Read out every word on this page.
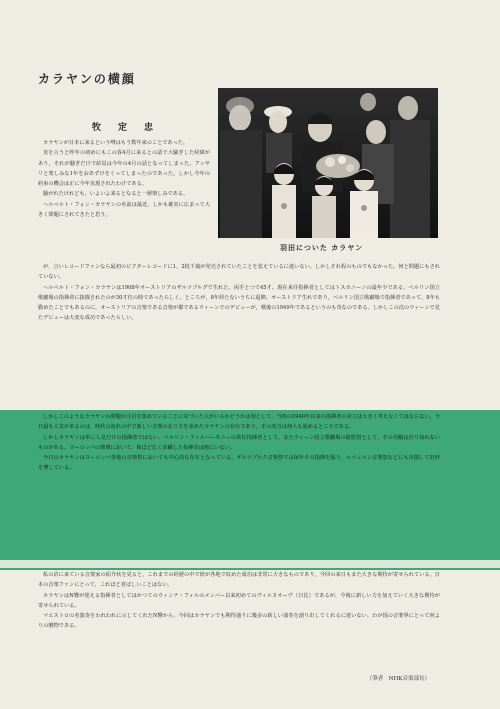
カラヤンの横顔
牧　定　忠
羽田についた カラヤン

カラヤンが日本に来るという噂はもう数年来のことであった。

実を言うと昨年の初めにもこの春4月に来るとの話で大騒ぎした経緯があり，それが騒ぎだけで結局は今年の4月の話となってしまった。アッサリと楽しみな1年をおあずけをくってしまったのであった。しかし今年の約束の機会は正に今年実現されたわけである。

騒がれたけれども，いよいよ来るとなると一層楽しみである。

ヘルベルト・フォン・カラヤンの名前は最近，しかも確実に広まって大きく問題にされてきたと思う。

が，言いレコードファンなら最初のビクターレコードに1，2枚千歳が発売されていたことを覚えているに違いない。しかしそれ程のものでもなかった。何と問題にもされていない。

ヘルベルト・フォン・カラヤンは1908年オーストリアのザルツブルグで生れた。両手とつで45才。現在来任指揮者としてはトスカニーニの最年少である。ベルリン国立歌劇場の指揮者に抜擢されたのが30才位の時であったらしく，ところが，8年経たないうちに退陣。オーストリア生れであり，ベルリン国立歌劇場で指揮者であって，8年も勤めたことでもあるのに，オーストリアの音楽である音楽が都であるウィーンでのデビューが，戦後の1949年であるというのも奇なのである。しかしこの次のウィーンで見たデビューは大変な成功であったらしい。

しかしこのようなカラヤンの問題が注目を集めていることに気づいた人がいるかどうかは別として，当時の1940年以来の指揮者の対立は大きく考えなくてはならない。今日最も人気があるのは，時代の流れの中で新しい音楽の在り方を求めたカラヤンの存在であり，その実力は何人も認めるところである。

しかしカラヤンは単に人気だけの指揮者ではない。ベルリン・フィルハーモニーの常任指揮者として，またウィーン国立歌劇場の総監督として，その功績は計り知れないものがある。ヨーロッパの楽壇において，彼ほど広く活躍した指揮者は他にいない。

今日のカラヤンはヨーロッパ各地の音楽祭においても中心的な存在となっている。ザルツブルク音楽祭では毎年その指揮を振り，ルツェルン音楽祭などにも出演して好評を博している。

私の許に来ている音楽家の紹介状を見ると，これまでの経歴の中で彼が各地で収めた成功は非常に大きなものであり，今回の来日もまた大きな期待が寄せられている。日本の音楽ファンにとって，これほど喜ばしいことはない。

カラヤンはN響が迎える指揮者としてはかつてのウィンナ・フィルのメンバー以来初めてのヴィルヌオーヴ（日比）であるが，今後に新しい力を加えていく大きな期待が寄せられている。

マエストロの名演奏をわれわれに示してくれたN響から，今回はカラヤンでも期待通りに幾多の新しい演奏を創り出してくれるに違いない。わが国の音楽界にとって何よりの贈物である。

（筆者　NHK音楽部長）
